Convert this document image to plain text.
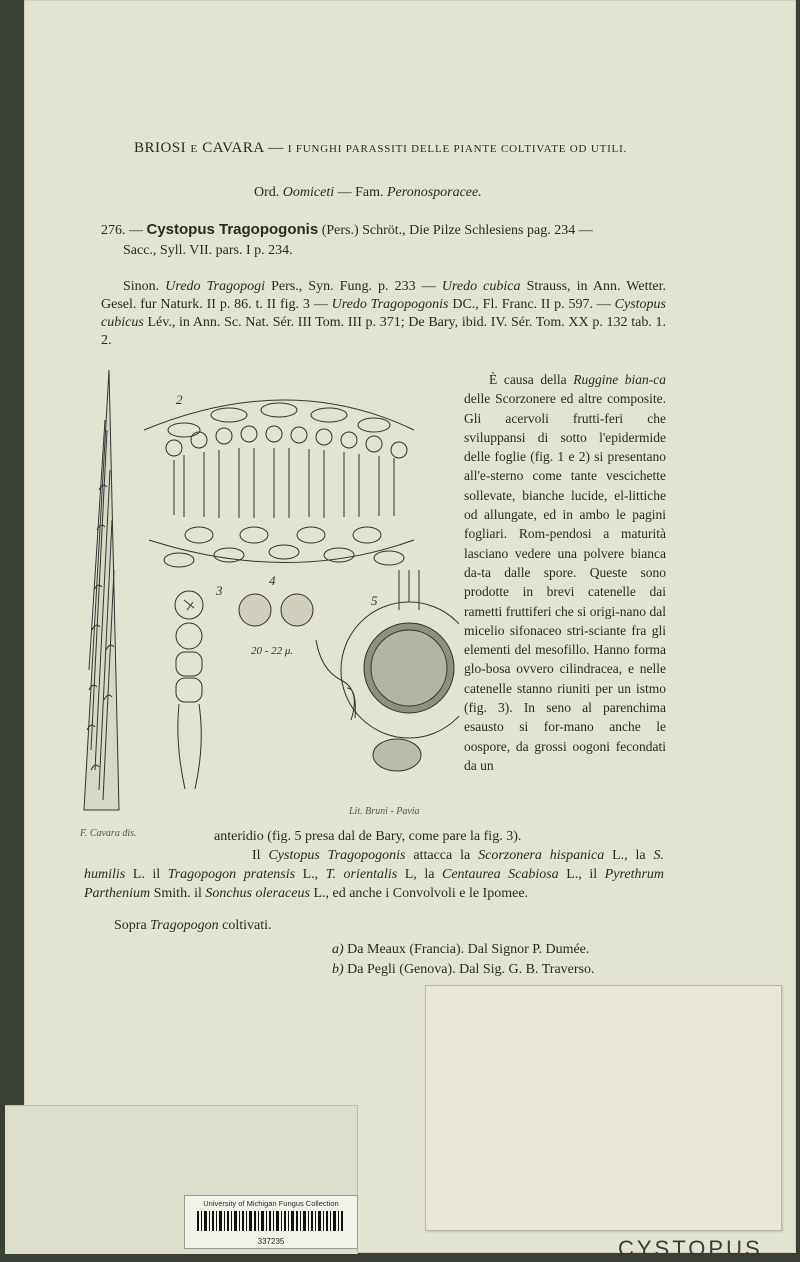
BRIOSI E CAVARA — I FUNGHI PARASSITI DELLE PIANTE COLTIVATE OD UTILI.
Ord. Oomiceti — Fam. Peronosporacee.
276. — Cystopus Tragopogonis (Pers.) Schröt., Die Pilze Schlesiens pag. 234 —
Sacc., Syll. VII. pars. I p. 234.
Sinon. Uredo Tragopogi Pers., Syn. Fung. p. 233 — Uredo cubica Strauss, in Ann. Wetter. Gesel. fur Naturk. II p. 86. t. II fig. 3 — Uredo Tragopogonis DC., Fl. Franc. II p. 597. — Cystopus cubicus Lév., in Ann. Sc. Nat. Sér. III Tom. III p. 371; De Bary, ibid. IV. Sér. Tom. XX p. 132 tab. 1. 2.
2
3
4
20 - 22 μ.
5
È causa della Ruggine bian-ca delle Scorzonere ed altre composite. Gli acervoli frutti-feri che sviluppansi di sotto l'epidermide delle foglie (fig. 1 e 2) si presentano all'e-sterno come tante vescichette sollevate, bianche lucide, el-littiche od allungate, ed in ambo le pagini fogliari. Rom-pendosi a maturità lasciano vedere una polvere bianca da-ta dalle spore. Queste sono prodotte in brevi catenelle dai rametti fruttiferi che si origi-nano dal micelio sifonaceo stri-sciante fra gli elementi del mesofillo. Hanno forma glo-bosa ovvero cilindracea, e nelle catenelle stanno riuniti per un istmo (fig. 3). In seno al parenchima esausto si for-mano anche le oospore, da grossi oogoni fecondati da un
F. Cavara dis.
Lit. Bruni - Pavia

anteridio (fig. 5 presa dal de Bary, come pare la fig. 3).

Il Cystopus Tragopogonis attacca la Scorzonera hispanica L., la S. humilis L. il Tragopogon pratensis L., T. orientalis L, la Centaurea Scabiosa L., il Pyrethrum Parthenium Smith. il Sonchus oleraceus L., ed anche i Convolvoli e le Ipomee.

Sopra Tragopogon coltivati.
a) Da Meaux (Francia). Dal Signor P. Dumée.
b) Da Pegli (Genova). Dal Sig. G. B. Traverso.
University of Michigan Fungus Collection
337235	CYSTOPUS
